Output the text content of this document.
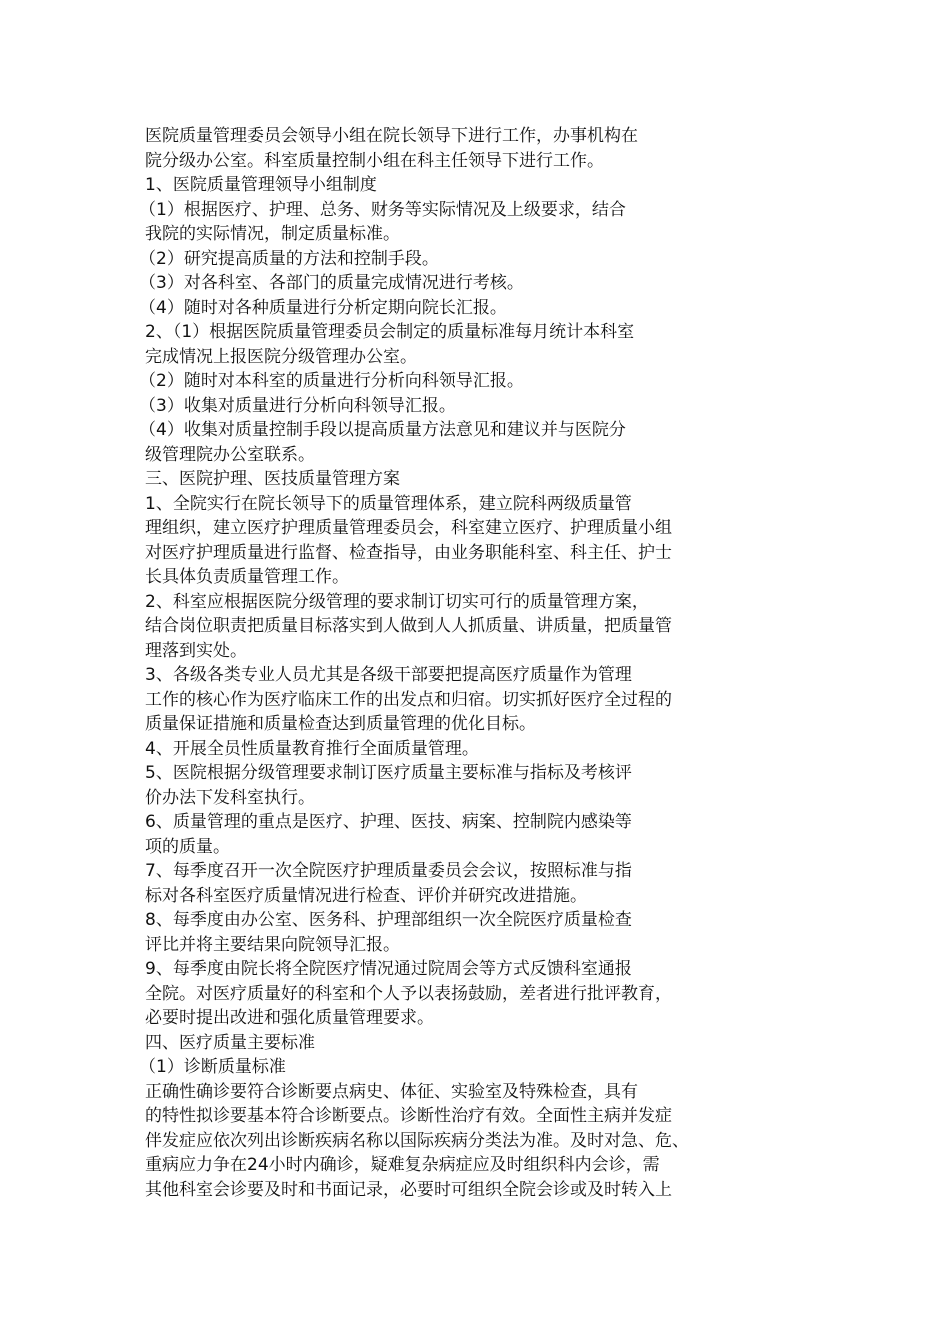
医院质量管理委员会领导小组在院长领导下进行工作，办事机构在
院分级办公室。科室质量控制小组在科主任领导下进行工作。
1、医院质量管理领导小组制度
（1）根据医疗、护理、总务、财务等实际情况及上级要求，结合
我院的实际情况，制定质量标准。
（2）研究提高质量的方法和控制手段。
（3）对各科室、各部门的质量完成情况进行考核。
（4）随时对各种质量进行分析定期向院长汇报。
2、（1）根据医院质量管理委员会制定的质量标准每月统计本科室
完成情况上报医院分级管理办公室。
（2）随时对本科室的质量进行分析向科领导汇报。
（3）收集对质量进行分析向科领导汇报。
（4）收集对质量控制手段以提高质量方法意见和建议并与医院分
级管理院办公室联系。
三、医院护理、医技质量管理方案
1、全院实行在院长领导下的质量管理体系，建立院科两级质量管
理组织，建立医疗护理质量管理委员会，科室建立医疗、护理质量小组
对医疗护理质量进行监督、检查指导，由业务职能科室、科主任、护士
长具体负责质量管理工作。
2、科室应根据医院分级管理的要求制订切实可行的质量管理方案，
结合岗位职责把质量目标落实到人做到人人抓质量、讲质量，把质量管
理落到实处。
3、各级各类专业人员尤其是各级干部要把提高医疗质量作为管理
工作的核心作为医疗临床工作的出发点和归宿。切实抓好医疗全过程的
质量保证措施和质量检查达到质量管理的优化目标。
4、开展全员性质量教育推行全面质量管理。
5、医院根据分级管理要求制订医疗质量主要标准与指标及考核评
价办法下发科室执行。
6、质量管理的重点是医疗、护理、医技、病案、控制院内感染等
项的质量。
7、每季度召开一次全院医疗护理质量委员会会议，按照标准与指
标对各科室医疗质量情况进行检查、评价并研究改进措施。
8、每季度由办公室、医务科、护理部组织一次全院医疗质量检查
评比并将主要结果向院领导汇报。
9、每季度由院长将全院医疗情况通过院周会等方式反馈科室通报
全院。对医疗质量好的科室和个人予以表扬鼓励，差者进行批评教育，
必要时提出改进和强化质量管理要求。
四、医疗质量主要标准
（1）诊断质量标准
正确性确诊要符合诊断要点病史、体征、实验室及特殊检查，具有
的特性拟诊要基本符合诊断要点。诊断性治疗有效。全面性主病并发症
伴发症应依次列出诊断疾病名称以国际疾病分类法为准。及时对急、危、
重病应力争在24小时内确诊，疑难复杂病症应及时组织科内会诊，需
其他科室会诊要及时和书面记录，必要时可组织全院会诊或及时转入上
